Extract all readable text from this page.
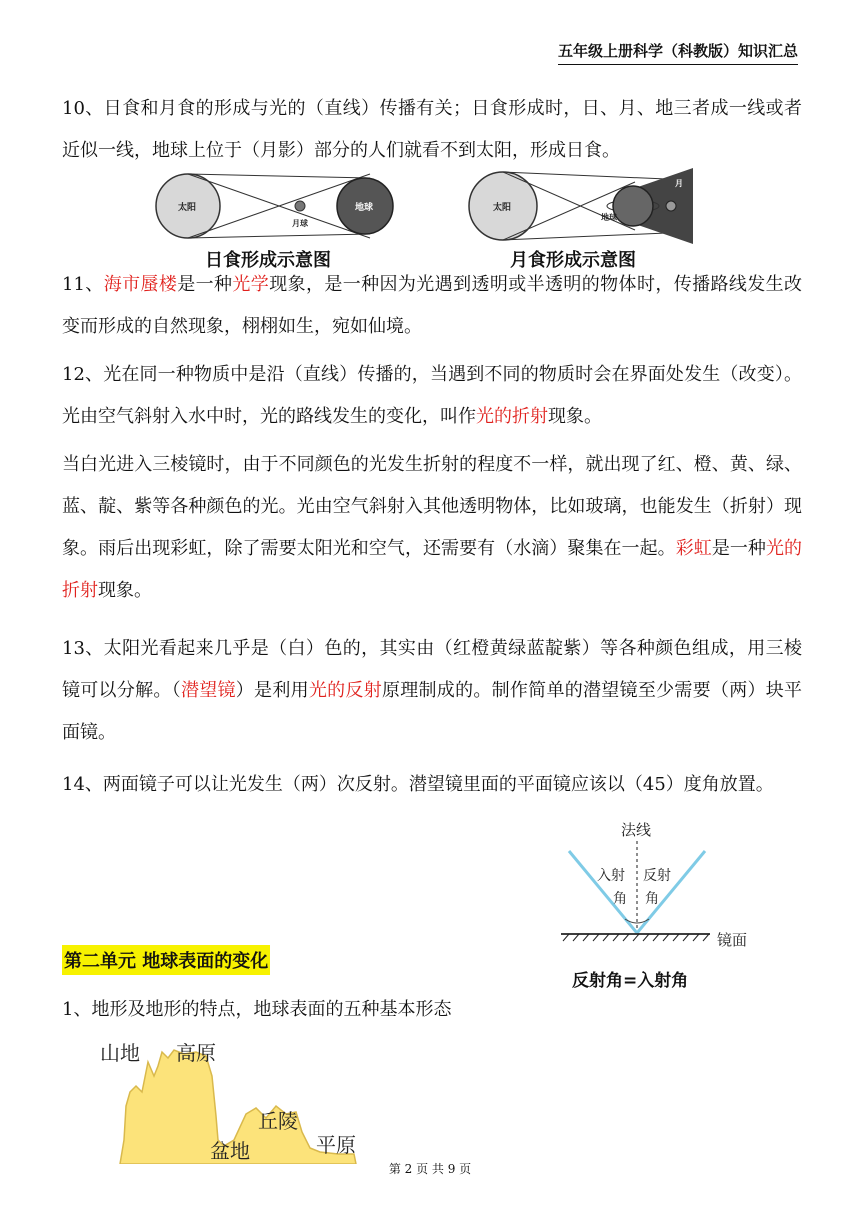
五年级上册科学（科教版）知识汇总
10、日食和月食的形成与光的（直线）传播有关；日食形成时，日、月、地三者成一线或者近似一线，地球上位于（月影）部分的人们就看不到太阳，形成日食。
太阳
月球
地球
日食形成示意图
太阳
地球
月
月食形成示意图
11、海市蜃楼是一种光学现象，是一种因为光遇到透明或半透明的物体时，传播路线发生改变而形成的自然现象，栩栩如生，宛如仙境。
12、光在同一种物质中是沿（直线）传播的，当遇到不同的物质时会在界面处发生（改变）。光由空气斜射入水中时，光的路线发生的变化，叫作光的折射现象。
当白光进入三棱镜时，由于不同颜色的光发生折射的程度不一样，就出现了红、橙、黄、绿、蓝、靛、紫等各种颜色的光。光由空气斜射入其他透明物体，比如玻璃，也能发生（折射）现象。雨后出现彩虹，除了需要太阳光和空气，还需要有（水滴）聚集在一起。彩虹是一种光的折射现象。
13、太阳光看起来几乎是（白）色的，其实由（红橙黄绿蓝靛紫）等各种颜色组成，用三棱镜可以分解。（潜望镜）是利用光的反射原理制成的。制作简单的潜望镜至少需要（两）块平面镜。
14、两面镜子可以让光发生（两）次反射。潜望镜里面的平面镜应该以（45）度角放置。
法线
入射
角
反射
角
镜面
反射角=入射角
第二单元 地球表面的变化
1、地形及地形的特点，地球表面的五种基本形态
山地 高原
丘陵
盆地	平原
第 2 页 共 9 页
